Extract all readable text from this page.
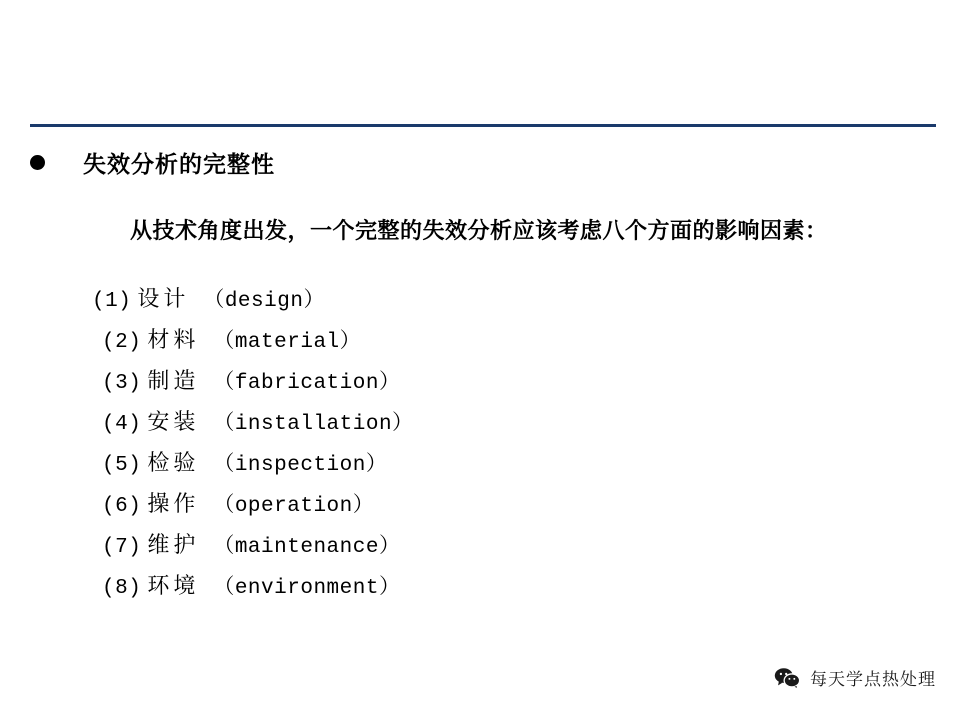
失效分析的完整性
从技术角度出发，一个完整的失效分析应该考虑八个方面的影响因素：
(1) 设计 （design）
(2) 材料 （material）
(3) 制造 （fabrication）
(4) 安装 （installation）
(5) 检验 （inspection）
(6) 操作 （operation）
(7) 维护 （maintenance）
(8) 环境 （environment）
每天学点热处理
